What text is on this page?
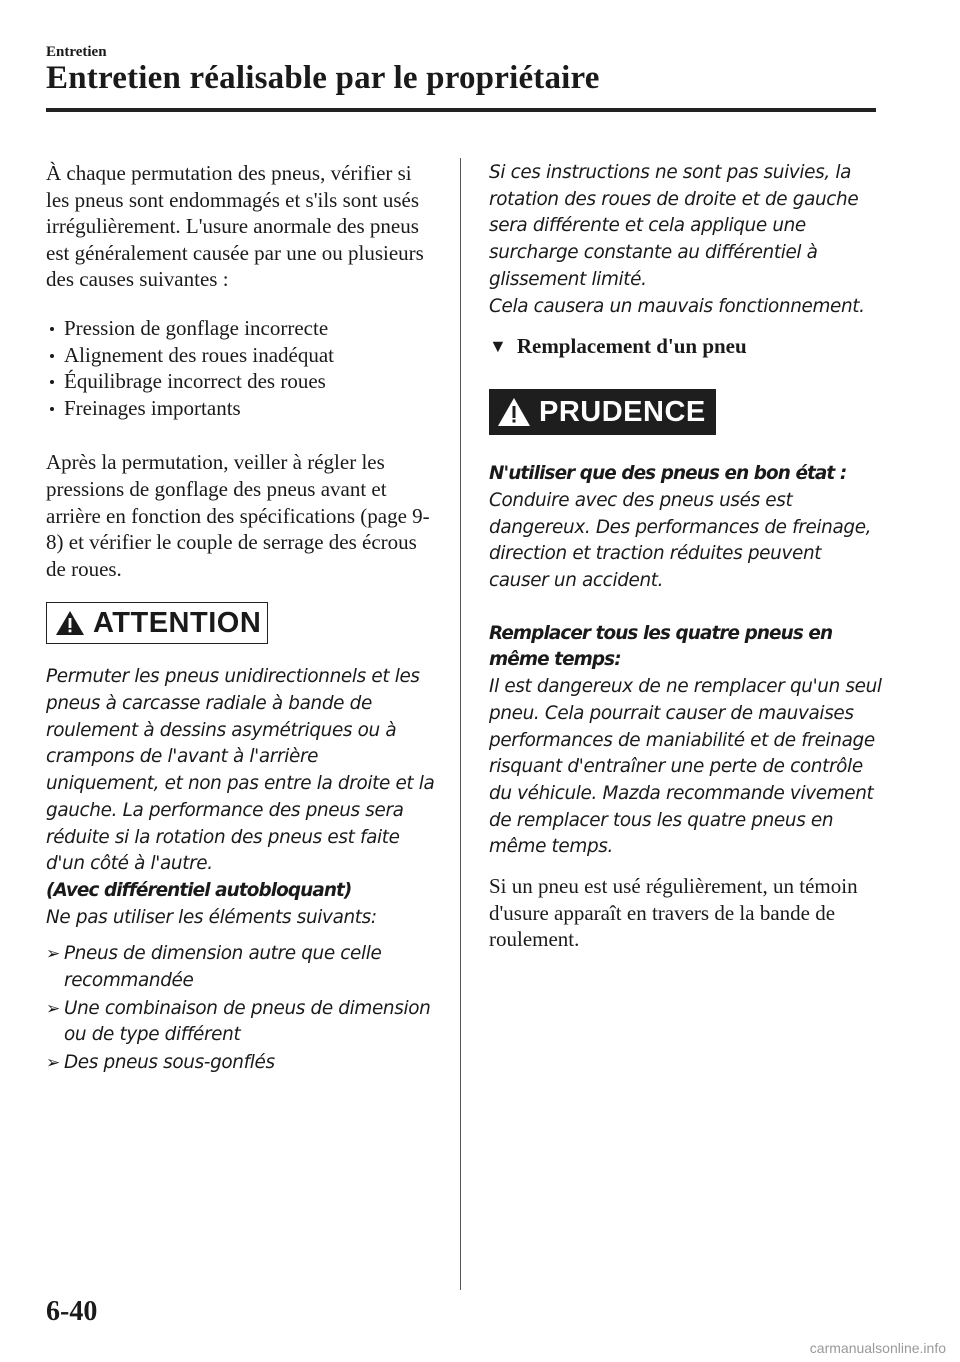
Entretien
Entretien réalisable par le propriétaire

À chaque permutation des pneus, vérifier si les pneus sont endommagés et s'ils sont usés irrégulièrement. L'usure anormale des pneus est généralement causée par une ou plusieurs des causes suivantes :

Pression de gonflage incorrecte
Alignement des roues inadéquat
Équilibrage incorrect des roues
Freinages importants

Après la permutation, veiller à régler les pressions de gonflage des pneus avant et arrière en fonction des spécifications (page 9-8) et vérifier le couple de serrage des écrous de roues.

ATTENTION

Permuter les pneus unidirectionnels et les pneus à carcasse radiale à bande de roulement à dessins asymétriques ou à crampons de l'avant à l'arrière uniquement, et non pas entre la droite et la gauche. La performance des pneus sera réduite si la rotation des pneus est faite d'un côté à l'autre.

(Avec différentiel autobloquant)

Ne pas utiliser les éléments suivants:

➢ Pneus de dimension autre que celle recommandée
➢ Une combinaison de pneus de dimension ou de type différent
➢ Des pneus sous-gonflés

Si ces instructions ne sont pas suivies, la rotation des roues de droite et de gauche sera différente et cela applique une surcharge constante au différentiel à glissement limité.

Cela causera un mauvais fonctionnement.

▼ Remplacement d'un pneu
PRUDENCE

N'utiliser que des pneus en bon état :

Conduire avec des pneus usés est dangereux. Des performances de freinage, direction et traction réduites peuvent causer un accident.

Remplacer tous les quatre pneus en même temps:

Il est dangereux de ne remplacer qu'un seul pneu. Cela pourrait causer de mauvaises performances de maniabilité et de freinage risquant d'entraîner une perte de contrôle du véhicule. Mazda recommande vivement de remplacer tous les quatre pneus en même temps.

Si un pneu est usé régulièrement, un témoin d'usure apparaît en travers de la bande de roulement.

6-40
carmanualsonline.info
